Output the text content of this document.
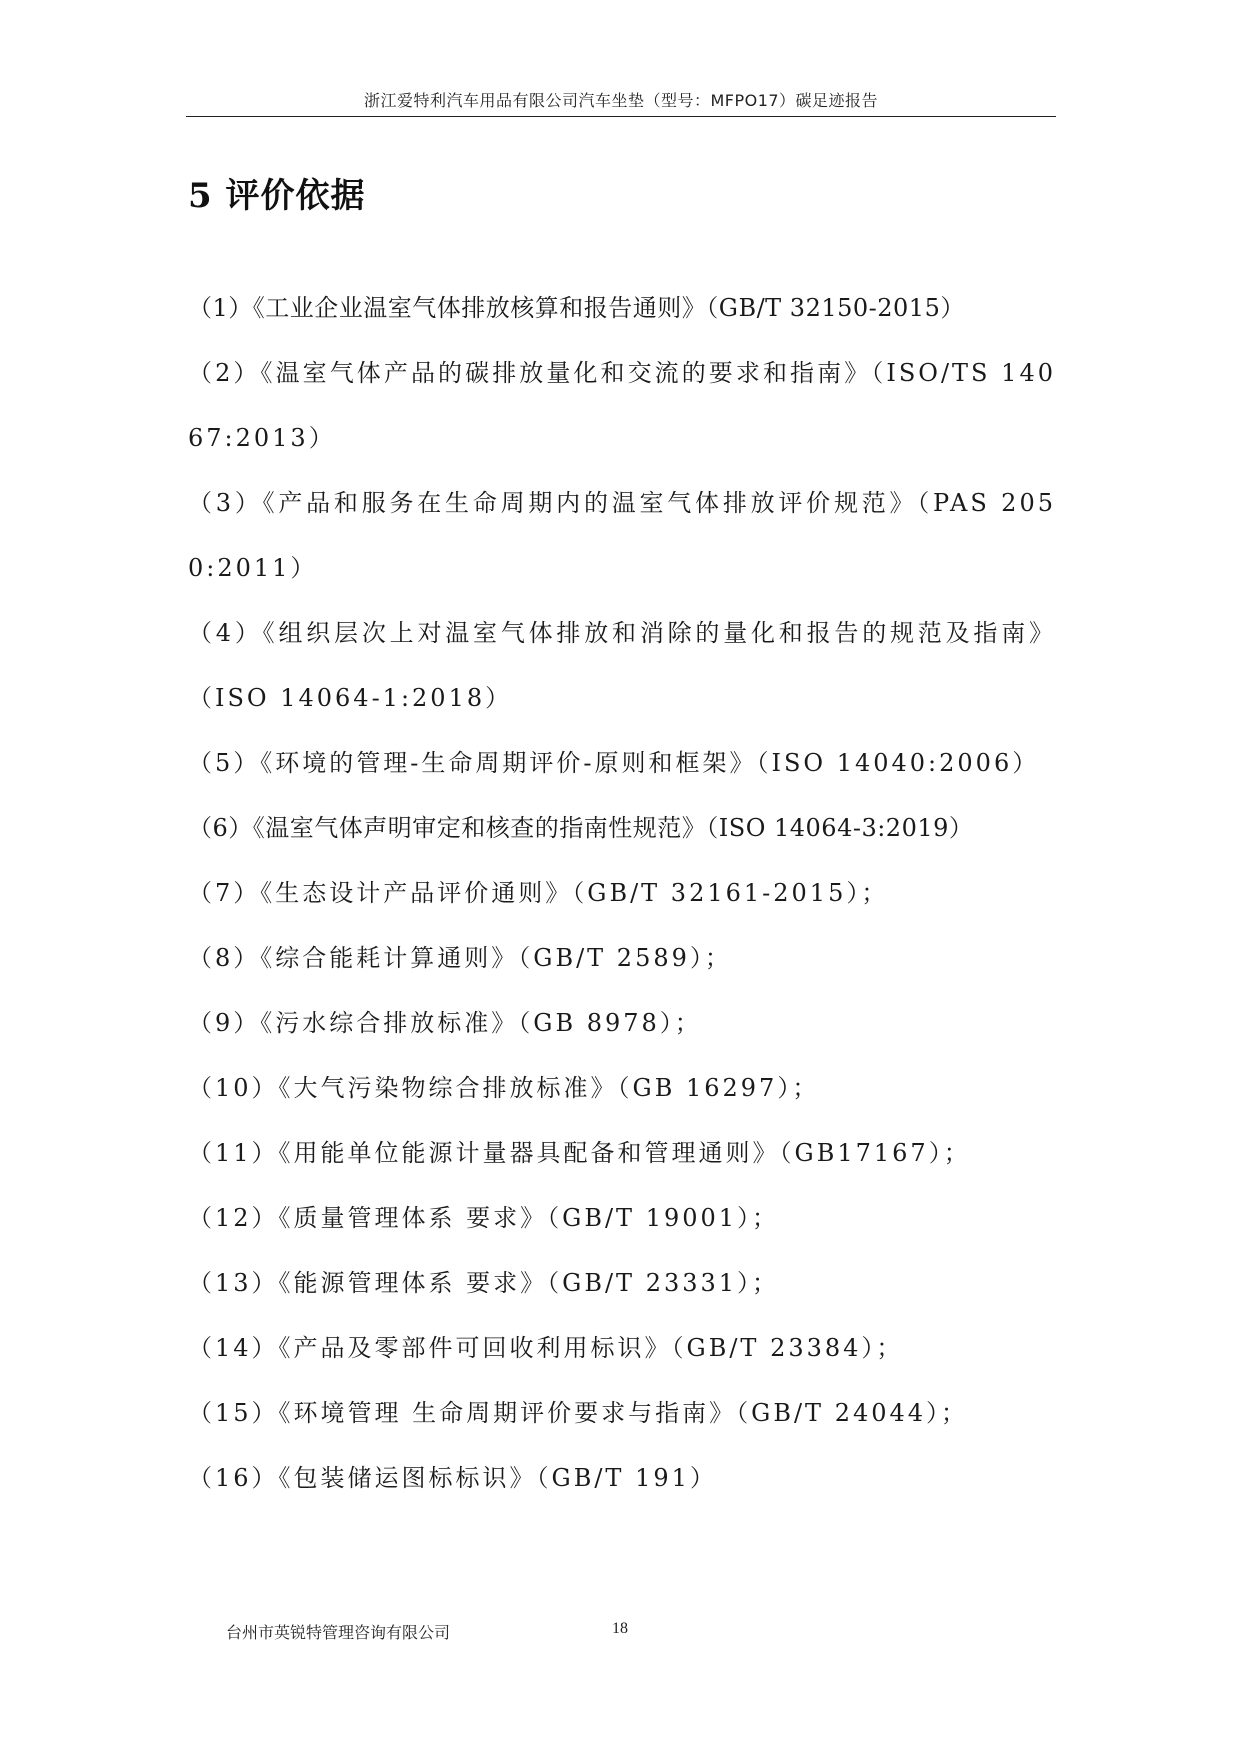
浙江爱特利汽车用品有限公司汽车坐垫（型号：MFPO17）碳足迹报告
5 评价依据
（1）《工业企业温室气体排放核算和报告通则》（GB/T 32150-2015）
（2）《温室气体产品的碳排放量化和交流的要求和指南》（ISO/TS 14067:2013）
（3）《产品和服务在生命周期内的温室气体排放评价规范》（PAS 2050:2011）
（4）《组织层次上对温室气体排放和消除的量化和报告的规范及指南》（ISO 14064-1:2018）
（5）《环境的管理-生命周期评价-原则和框架》（ISO 14040:2006）
（6）《温室气体声明审定和核查的指南性规范》（ISO 14064-3:2019）
（7）《生态设计产品评价通则》（GB/T 32161-2015）；
（8）《综合能耗计算通则》（GB/T 2589）；
（9）《污水综合排放标准》（GB 8978）；
（10）《大气污染物综合排放标准》（GB 16297）；
（11）《用能单位能源计量器具配备和管理通则》（GB17167）；
（12）《质量管理体系 要求》（GB/T 19001）；
（13）《能源管理体系 要求》（GB/T 23331）；
（14）《产品及零部件可回收利用标识》（GB/T 23384）；
（15）《环境管理 生命周期评价要求与指南》（GB/T 24044）；
（16）《包装储运图标标识》（GB/T 191）
台州市英锐特管理咨询有限公司	18
